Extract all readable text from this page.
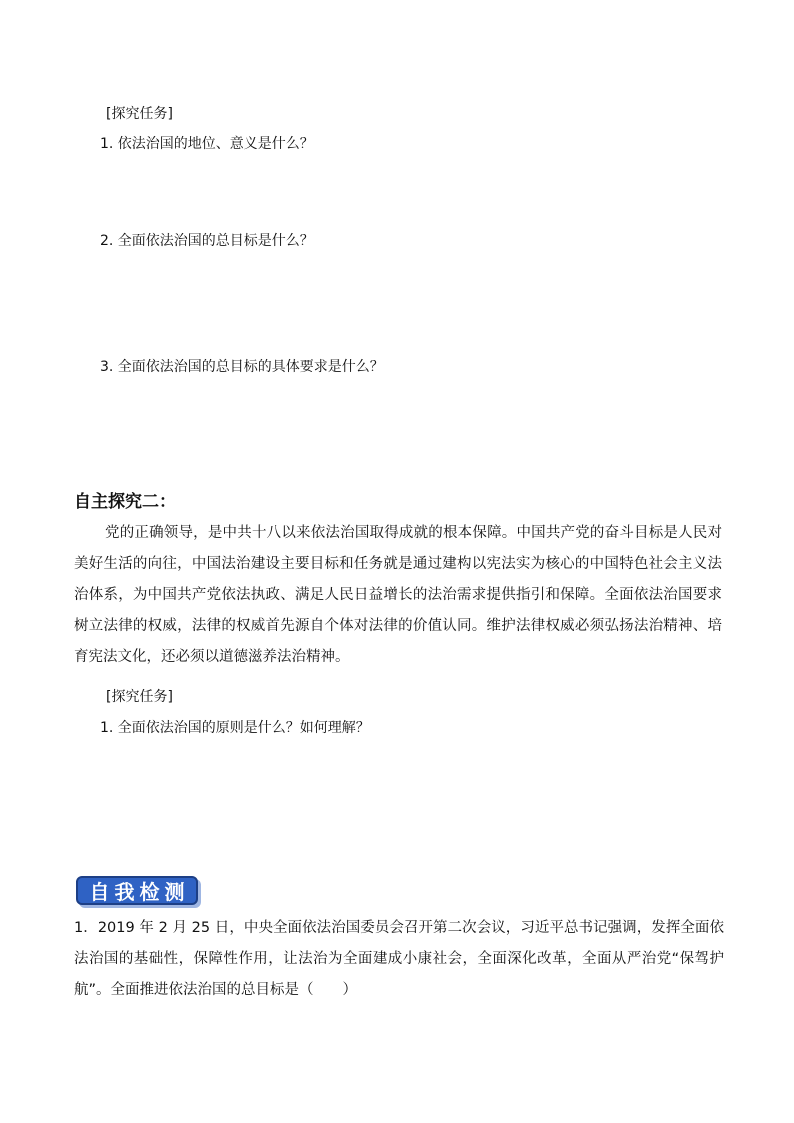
[探究任务]
1. 依法治国的地位、意义是什么？
2. 全面依法治国的总目标是什么？
3. 全面依法治国的总目标的具体要求是什么？
自主探究二：

党的正确领导，是中共十八以来依法治国取得成就的根本保障。中国共产党的奋斗目标是人民对美好生活的向往，中国法治建设主要目标和任务就是通过建构以宪法实为核心的中国特色社会主义法治体系，为中国共产党依法执政、满足人民日益增长的法治需求提供指引和保障。全面依法治国要求树立法律的权威，法律的权威首先源自个体对法律的价值认同。维护法律权威必须弘扬法治精神、培育宪法文化，还必须以道德滋养法治精神。

[探究任务]
1. 全面依法治国的原则是什么？如何理解？
自我检测

1．2019 年 2 月 25 日，中央全面依法治国委员会召开第二次会议，习近平总书记强调，发挥全面依法治国的基础性，保障性作用，让法治为全面建成小康社会，全面深化改革，全面从严治党“保驾护航”。全面推进依法治国的总目标是（　　）
